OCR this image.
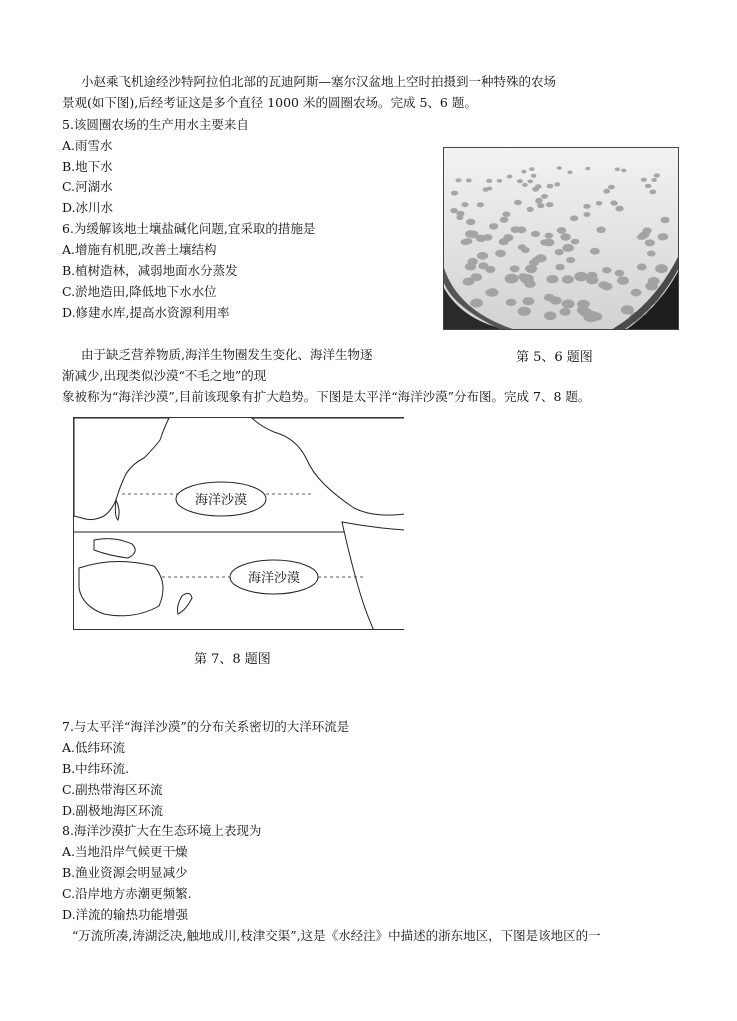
小赵乘飞机途经沙特阿拉伯北部的瓦迪阿斯—塞尔汉盆地上空时拍摄到一种特殊的农场
景观(如下图),后经考证这是多个直径 1000 米的圆圈农场。完成 5、6 题。
5.该圆圈农场的生产用水主要来自
A.雨雪水
B.地下水
C.河湖水
D.冰川水
6.为缓解该地土壤盐碱化问题,宜采取的措施是
A.增施有机肥,改善土壤结构
B.植树造林，减弱地面水分蒸发
C.淤地造田,降低地下水水位
D.修建水库,提高水资源利用率
第 5、6 题图
由于缺乏营养物质,海洋生物圈发生变化、海洋生物逐
渐减少,出现类似沙漠“不毛之地”的现
象被称为“海洋沙漠”,目前该现象有扩大趋势。下图是太平洋“海洋沙漠”分布图。完成 7、8 题。
海洋沙漠
海洋沙漠
第 7、8 题图
7.与太平洋“海洋沙漠”的分布关系密切的大洋环流是
A.低纬环流
B.中纬环流.
C.副热带海区环流
D.副极地海区环流
8.海洋沙漠扩大在生态环境上表现为
A.当地沿岸气候更干燥
B.渔业资源会明显减少
C.沿岸地方赤潮更频繁.
D.洋流的输热功能增强
“万流所凑,涛湖泛决,触地成川,枝津交渠”,这是《水经注》中描述的浙东地区，下图是该地区的一
